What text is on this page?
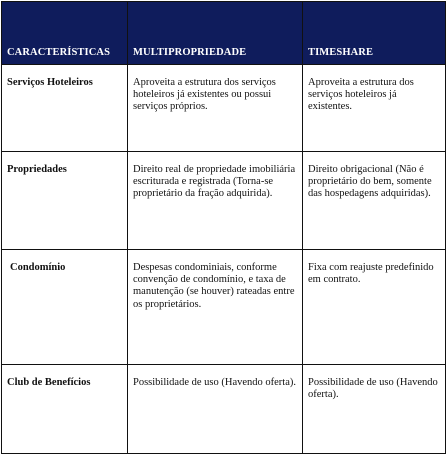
CARACTERÍSTICAS	MULTIPROPRIEDADE	TIMESHARE
Serviços Hoteleiros	Aproveita a estrutura dos serviços hoteleiros já existentes ou possui serviços próprios.	Aproveita a estrutura dos serviços hoteleiros já existentes.
Propriedades	Direito real de propriedade imobiliária escriturada e registrada (Torna-se proprietário da fração adquirida).	Direito obrigacional (Não é proprietário do bem, somente das hospedagens adquiridas).
Condomínio	Despesas condominiais, conforme convenção de condomínio, e taxa de manutenção (se houver) rateadas entre os proprietários.	Fixa com reajuste predefinido em contrato.
Club de Benefícios	Possibilidade de uso (Havendo oferta).	Possibilidade de uso (Havendo oferta).
